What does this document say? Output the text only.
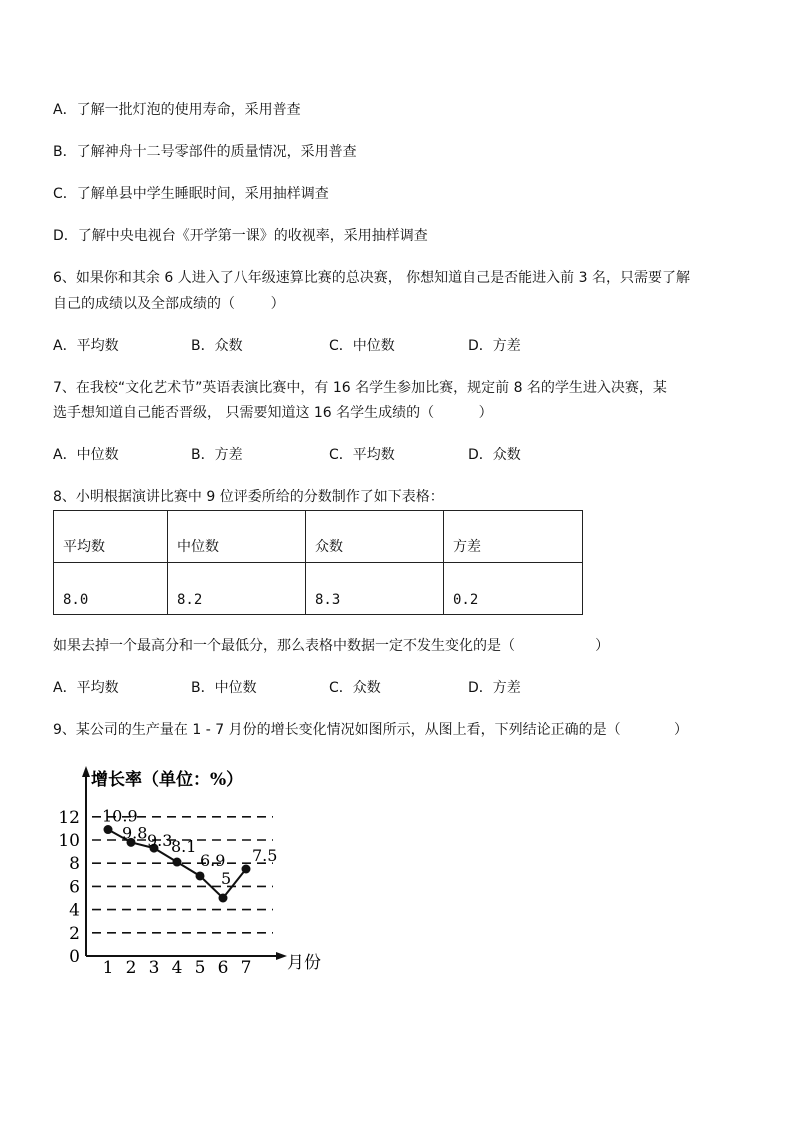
A．了解一批灯泡的使用寿命，采用普查
B．了解神舟十二号零部件的质量情况，采用普查
C．了解单县中学生睡眠时间，采用抽样调查
D．了解中央电视台《开学第一课》的收视率，采用抽样调查
6、如果你和其余 6 人进入了八年级速算比赛的总决赛， 你想知道自己是否能进入前 3 名，只需要了解
自己的成绩以及全部成绩的（        ）
A．平均数	B．众数	C．中位数	D．方差
7、在我校“文化艺术节”英语表演比赛中，有 16 名学生参加比赛，规定前 8 名的学生进入决赛，某
选手想知道自己能否晋级， 只需要知道这 16 名学生成绩的（          ）
A．中位数	B．方差	C．平均数	D．众数
8、小明根据演讲比赛中 9 位评委所给的分数制作了如下表格：
平均数	中位数	众数	方差
8.0	8.2	8.3	0.2
如果去掉一个最高分和一个最低分，那么表格中数据一定不发生变化的是（                  ）
A．平均数	B．中位数	C．众数	D．方差
9、某公司的生产量在 1 - 7 月份的增长变化情况如图所示，从图上看，下列结论正确的是（            ）
增长率（单位：%）
月份
0
2
4
6
8
10
12
1 2 3 4 5 6 7
10.9
9.8 9.3
8.1
6.9
5
7.5
